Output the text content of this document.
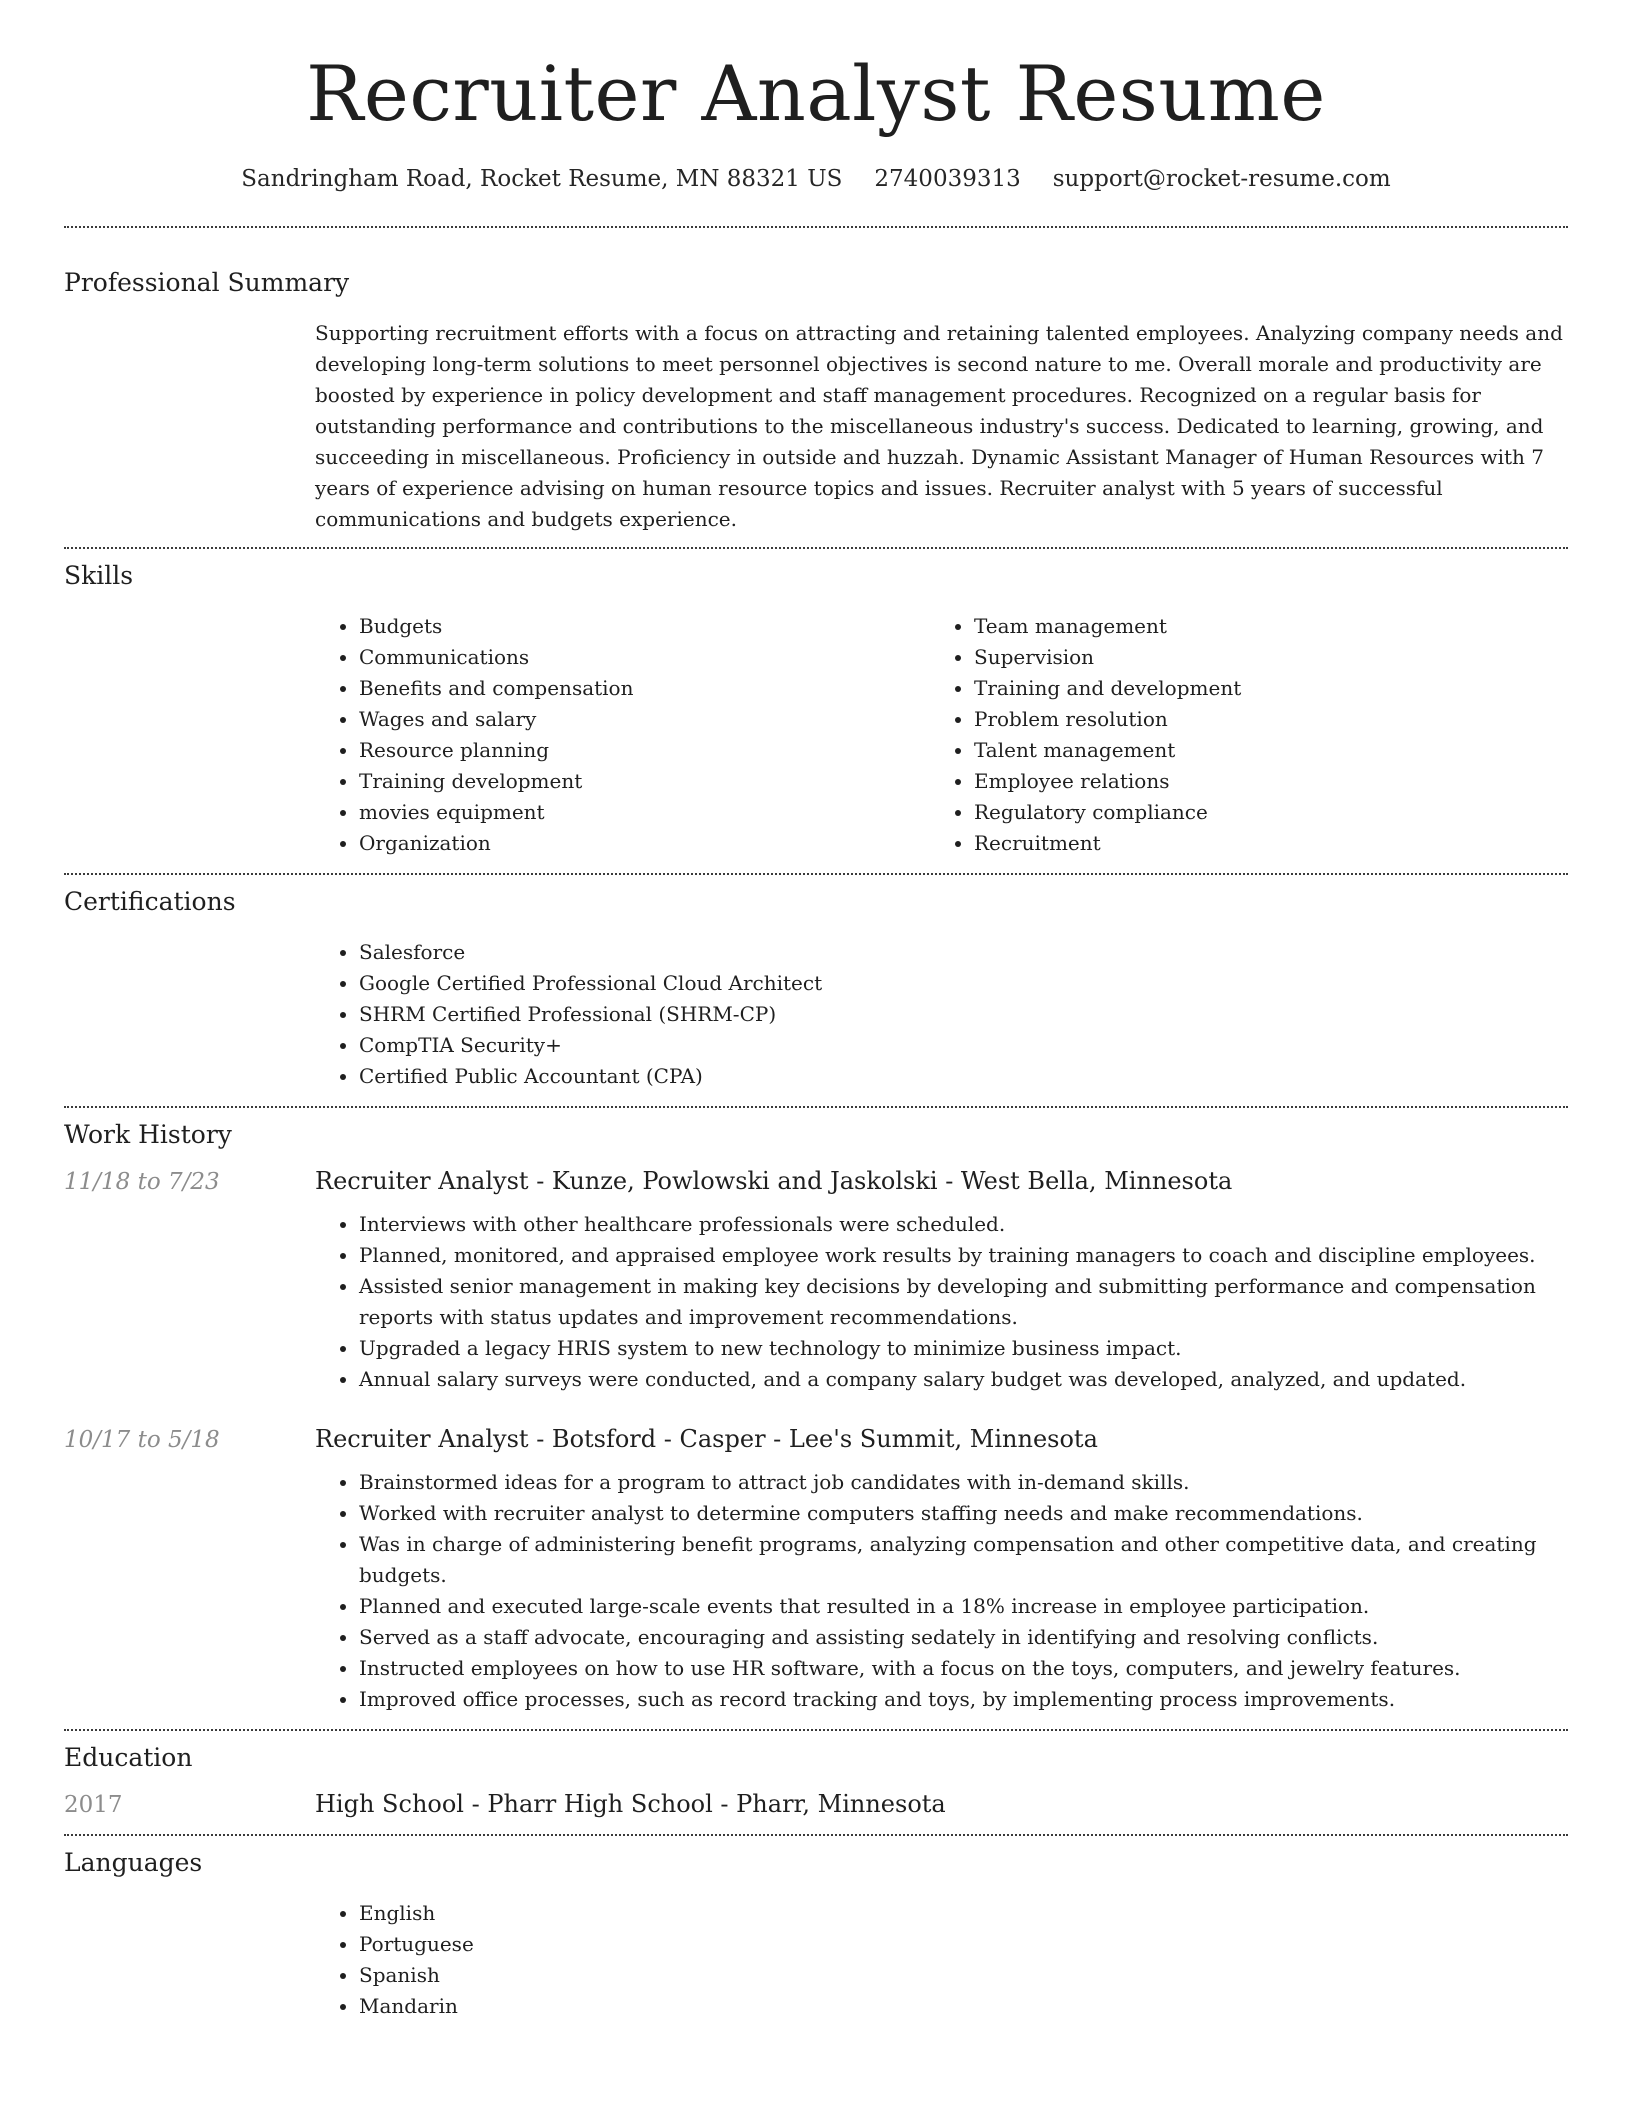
Recruiter Analyst Resume
Sandringham Road, Rocket Resume, MN 88321 US 2740039313 support@rocket-resume.com
Professional Summary

Supporting recruitment efforts with a focus on attracting and retaining talented employees. Analyzing company needs and developing long-term solutions to meet personnel objectives is second nature to me. Overall morale and productivity are boosted by experience in policy development and staff management procedures. Recognized on a regular basis for outstanding performance and contributions to the miscellaneous industry's success. Dedicated to learning, growing, and succeeding in miscellaneous. Proficiency in outside and huzzah. Dynamic Assistant Manager of Human Resources with 7 years of experience advising on human resource topics and issues. Recruiter analyst with 5 years of successful communications and budgets experience.

Skills
• Budgets
• Communications
• Benefits and compensation
• Wages and salary
• Resource planning
• Training development
• movies equipment
• Organization
• Team management
• Supervision
• Training and development
• Problem resolution
• Talent management
• Employee relations
• Regulatory compliance
• Recruitment
Certifications
• Salesforce
• Google Certified Professional Cloud Architect
• SHRM Certified Professional (SHRM-CP)
• CompTIA Security+
• Certified Public Accountant (CPA)
Work History
11/18 to 7/23	Recruiter Analyst - Kunze, Powlowski and Jaskolski - West Bella, Minnesota
• Interviews with other healthcare professionals were scheduled.
• Planned, monitored, and appraised employee work results by training managers to coach and discipline employees.
• Assisted senior management in making key decisions by developing and submitting performance and compensation reports with status updates and improvement recommendations.
• Upgraded a legacy HRIS system to new technology to minimize business impact.
• Annual salary surveys were conducted, and a company salary budget was developed, analyzed, and updated.
10/17 to 5/18	Recruiter Analyst - Botsford - Casper - Lee's Summit, Minnesota
• Brainstormed ideas for a program to attract job candidates with in-demand skills.
• Worked with recruiter analyst to determine computers staffing needs and make recommendations.
• Was in charge of administering benefit programs, analyzing compensation and other competitive data, and creating budgets.
• Planned and executed large-scale events that resulted in a 18% increase in employee participation.
• Served as a staff advocate, encouraging and assisting sedately in identifying and resolving conflicts.
• Instructed employees on how to use HR software, with a focus on the toys, computers, and jewelry features.
• Improved office processes, such as record tracking and toys, by implementing process improvements.
Education
2017	High School - Pharr High School - Pharr, Minnesota
Languages
• English
• Portuguese
• Spanish
• Mandarin
